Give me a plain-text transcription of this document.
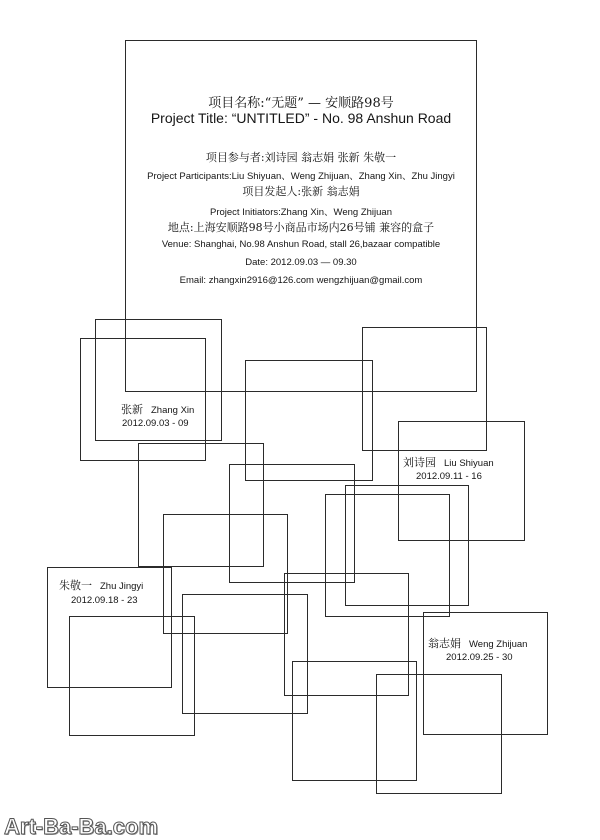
项目名称:“无题” — 安顺路98号
Project Title: “UNTITLED” - No. 98 Anshun Road
项目参与者:刘诗园 翁志娟 张新 朱敬一
Project Participants:Liu Shiyuan、Weng Zhijuan、Zhang Xin、Zhu Jingyi
项目发起人:张新 翁志娟
Project Initiators:Zhang Xin、Weng Zhijuan
地点:上海安顺路98号小商品市场内26号铺 兼容的盒子
Venue: Shanghai, No.98 Anshun Road, stall 26,bazaar compatible
Date: 2012.09.03 — 09.30
Email: zhangxin2916@126.com wengzhijuan@gmail.com
张新 Zhang Xin
2012.09.03 - 09
刘诗园 Liu Shiyuan
2012.09.11 - 16
朱敬一 Zhu Jingyi
2012.09.18 - 23
翁志娟 Weng Zhijuan
2012.09.25 - 30
Art-Ba-Ba.com
